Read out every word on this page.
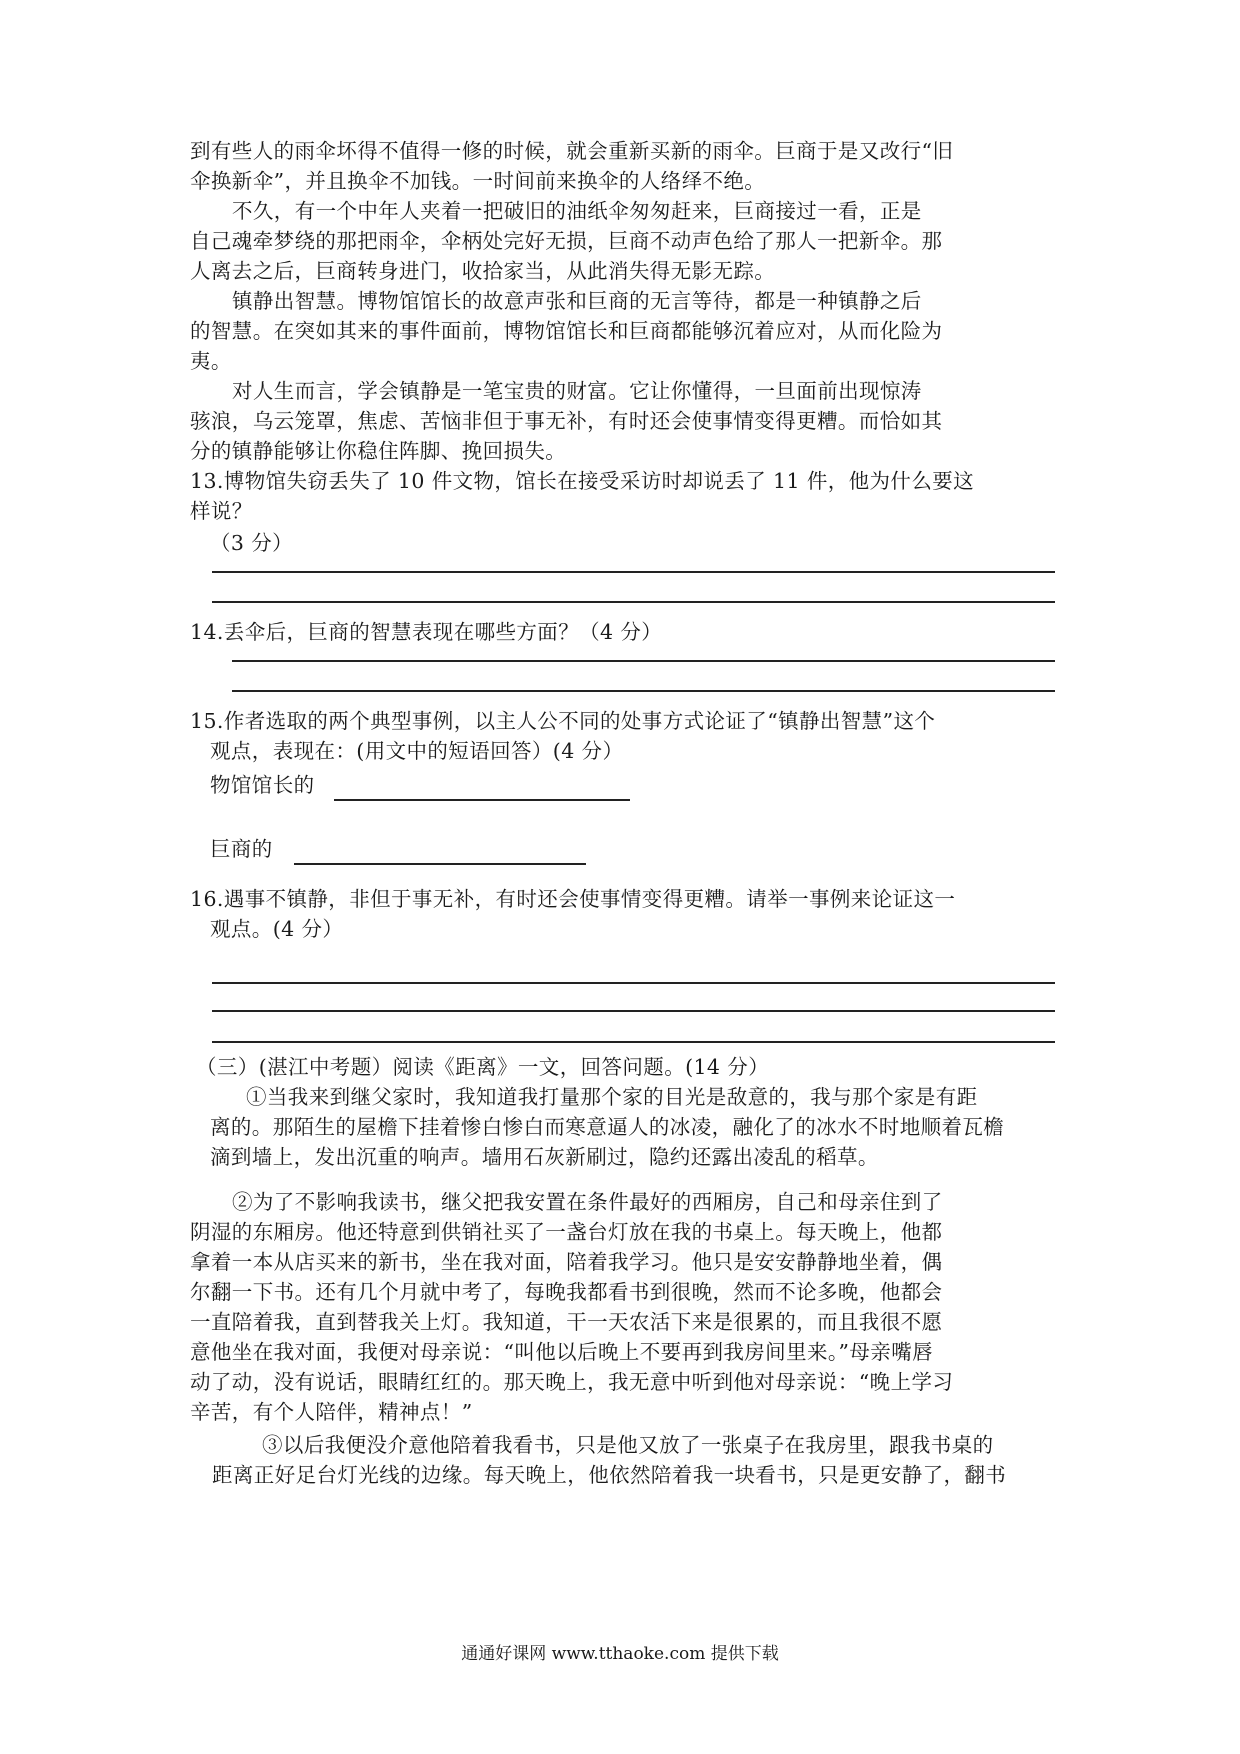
到有些人的雨伞坏得不值得一修的时候，就会重新买新的雨伞。巨商于是又改行“旧
伞换新伞”，并且换伞不加钱。一时间前来换伞的人络绎不绝。
不久，有一个中年人夹着一把破旧的油纸伞匆匆赶来，巨商接过一看，正是
自己魂牵梦绕的那把雨伞，伞柄处完好无损，巨商不动声色给了那人一把新伞。那
人离去之后，巨商转身进门，收拾家当，从此消失得无影无踪。
镇静出智慧。博物馆馆长的故意声张和巨商的无言等待，都是一种镇静之后
的智慧。在突如其来的事件面前，博物馆馆长和巨商都能够沉着应对，从而化险为
夷。
对人生而言，学会镇静是一笔宝贵的财富。它让你懂得，一旦面前出现惊涛
骇浪，乌云笼罩，焦虑、苦恼非但于事无补，有时还会使事情变得更糟。而恰如其
分的镇静能够让你稳住阵脚、挽回损失。
13.博物馆失窃丢失了 10 件文物，馆长在接受采访时却说丢了 11 件，他为什么要这
样说？
（3 分）
14.丢伞后，巨商的智慧表现在哪些方面？（4 分）
15.作者选取的两个典型事例，以主人公不同的处事方式论证了“镇静出智慧”这个
观点，表现在：(用文中的短语回答）(4 分）
物馆馆长的
巨商的
16.遇事不镇静，非但于事无补，有时还会使事情变得更糟。请举一事例来论证这一
观点。(4 分）
（三）(湛江中考题）阅读《距离》一文，回答问题。(14 分）
①当我来到继父家时，我知道我打量那个家的目光是敌意的，我与那个家是有距
离的。那陌生的屋檐下挂着惨白惨白而寒意逼人的冰凌，融化了的冰水不时地顺着瓦檐
滴到墙上，发出沉重的响声。墙用石灰新刷过，隐约还露出凌乱的稻草。
②为了不影响我读书，继父把我安置在条件最好的西厢房，自己和母亲住到了
阴湿的东厢房。他还特意到供销社买了一盏台灯放在我的书桌上。每天晚上，他都
拿着一本从店买来的新书，坐在我对面，陪着我学习。他只是安安静静地坐着，偶
尔翻一下书。还有几个月就中考了，每晚我都看书到很晚，然而不论多晚，他都会
一直陪着我，直到替我关上灯。我知道，干一天农活下来是很累的，而且我很不愿
意他坐在我对面，我便对母亲说：“叫他以后晚上不要再到我房间里来。”母亲嘴唇
动了动，没有说话，眼睛红红的。那天晚上，我无意中听到他对母亲说：“晚上学习
辛苦，有个人陪伴，精神点！”
③以后我便没介意他陪着我看书，只是他又放了一张桌子在我房里，跟我书桌的
距离正好足台灯光线的边缘。每天晚上，他依然陪着我一块看书，只是更安静了，翻书
通通好课网 www.tthaoke.com 提供下载
